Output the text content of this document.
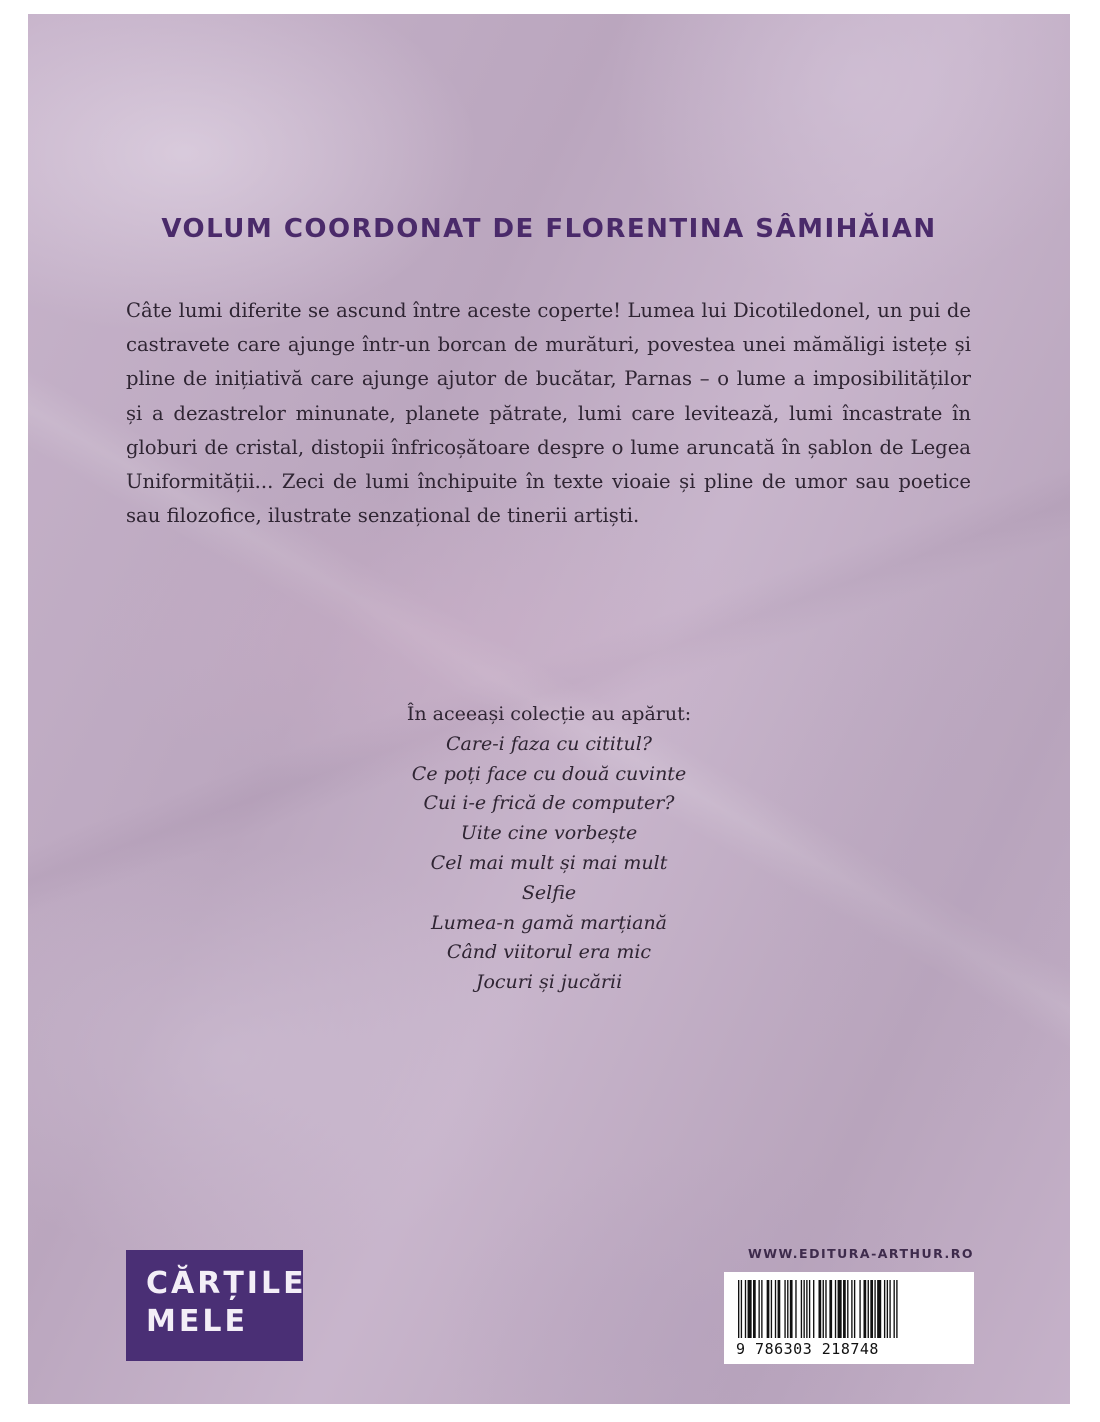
VOLUM COORDONAT DE FLORENTINA SÂMIHĂIAN

Câte lumi diferite se ascund între aceste coperte! Lumea lui Dicotiledonel, un pui de castravete care ajunge într-un borcan de murături, povestea unei mămăligi istețe și pline de inițiativă care ajunge ajutor de bucătar, Parnas – o lume a imposibilităților și a dezastrelor minunate, planete pătrate, lumi care levitează, lumi încastrate în globuri de cristal, distopii înfricoșătoare despre o lume aruncată în șablon de Legea Uniformității... Zeci de lumi închipuite în texte vioaie și pline de umor sau poetice sau filozofice, ilustrate senzațional de tinerii artiști.

În aceeași colecție au apărut:
Care-i faza cu cititul?
Ce poți face cu două cuvinte
Cui i-e frică de computer?
Uite cine vorbește
Cel mai mult și mai mult
Selfie
Lumea-n gamă marțiană
Când viitorul era mic
Jocuri și jucării
CĂRȚILE
MELE
WWW.EDITURA-ARTHUR.RO
9 786303 218748
